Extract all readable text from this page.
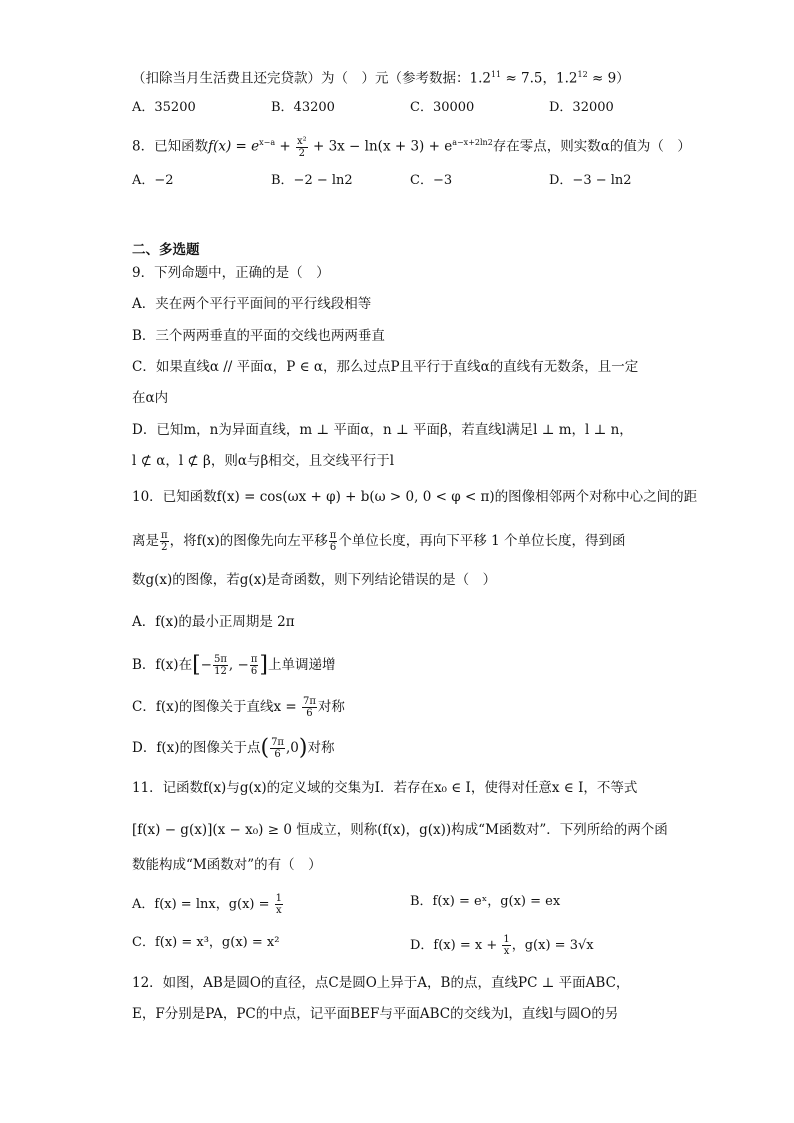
（扣除当月生活费且还完贷款）为（　）元（参考数据：$1.2^{11} \approx 7.5$，$1.2^{12} \approx 9$）
A．35200	B．43200	C．30000	D．32000
8．已知函数$f(x) = e^{x-a} + \frac{\text{x²}}{2} + 3x - \ln(x + 3) + e^{a-x+2ln2}$存在零点，则实数α的值为（　）
A．−2	B．−2 − ln2	C．−3	D．−3 − ln2
二、多选题
9．下列命题中，正确的是（　）
A．夹在两个平行平面间的平行线段相等
B．三个两两垂直的平面的交线也两两垂直
C．如果直线α // 平面α，P ∈ α，那么过点P且平行于直线α的直线有无数条，且一定
在α内
D．已知m，n为异面直线，m ⊥ 平面α，n ⊥ 平面β，若直线l满足l ⊥ m，l ⊥ n，
l ⊄ α，l ⊄ β，则α与β相交，且交线平行于l
10．已知函数f(x) = cos(ωx + φ) + b(ω > 0, 0 < φ < π)的图像相邻两个对称中心之间的距
离是 $\frac{\pi}{2}$ ，将f(x)的图像先向左平移 $\frac{\pi}{6}$ 个单位长度，再向下平移 1 个单位长度，得到函
数g(x)的图像，若g(x)是奇函数，则下列结论错误的是（　）
A．f(x)的最小正周期是 2π
B．f(x)在[− $\frac{5\pi}{12}$ , − $\frac{\pi}{6}$ ]上单调递增
C．f(x)的图像关于直线$x = \frac{7\pi}{6}$ 对称
D．f(x)的图像关于点( $\frac{7\pi}{6} ,0$)对称
11．记函数f(x)与g(x)的定义域的交集为I．若存在x₀ ∈ I，使得对任意x ∈ I，不等式
[f(x) − g(x)](x − x₀) ≥ 0 恒成立，则称(f(x)，g(x))构成“M函数对”．下列所给的两个函
数能构成“M函数对”的有（　）
A．f(x) = lnx，$g(x) = \frac{1}{x}$	B．f(x) = eˣ，g(x) = ex
C．f(x) = x³，g(x) = x²	D．$f(x) = x + \frac{1}{x}$ ，g(x) = 3√x
12．如图，AB是圆O的直径，点C是圆O上异于A，B的点，直线PC ⊥ 平面ABC，
E，F分别是PA，PC的中点，记平面BEF与平面ABC的交线为l，直线l与圆O的另
